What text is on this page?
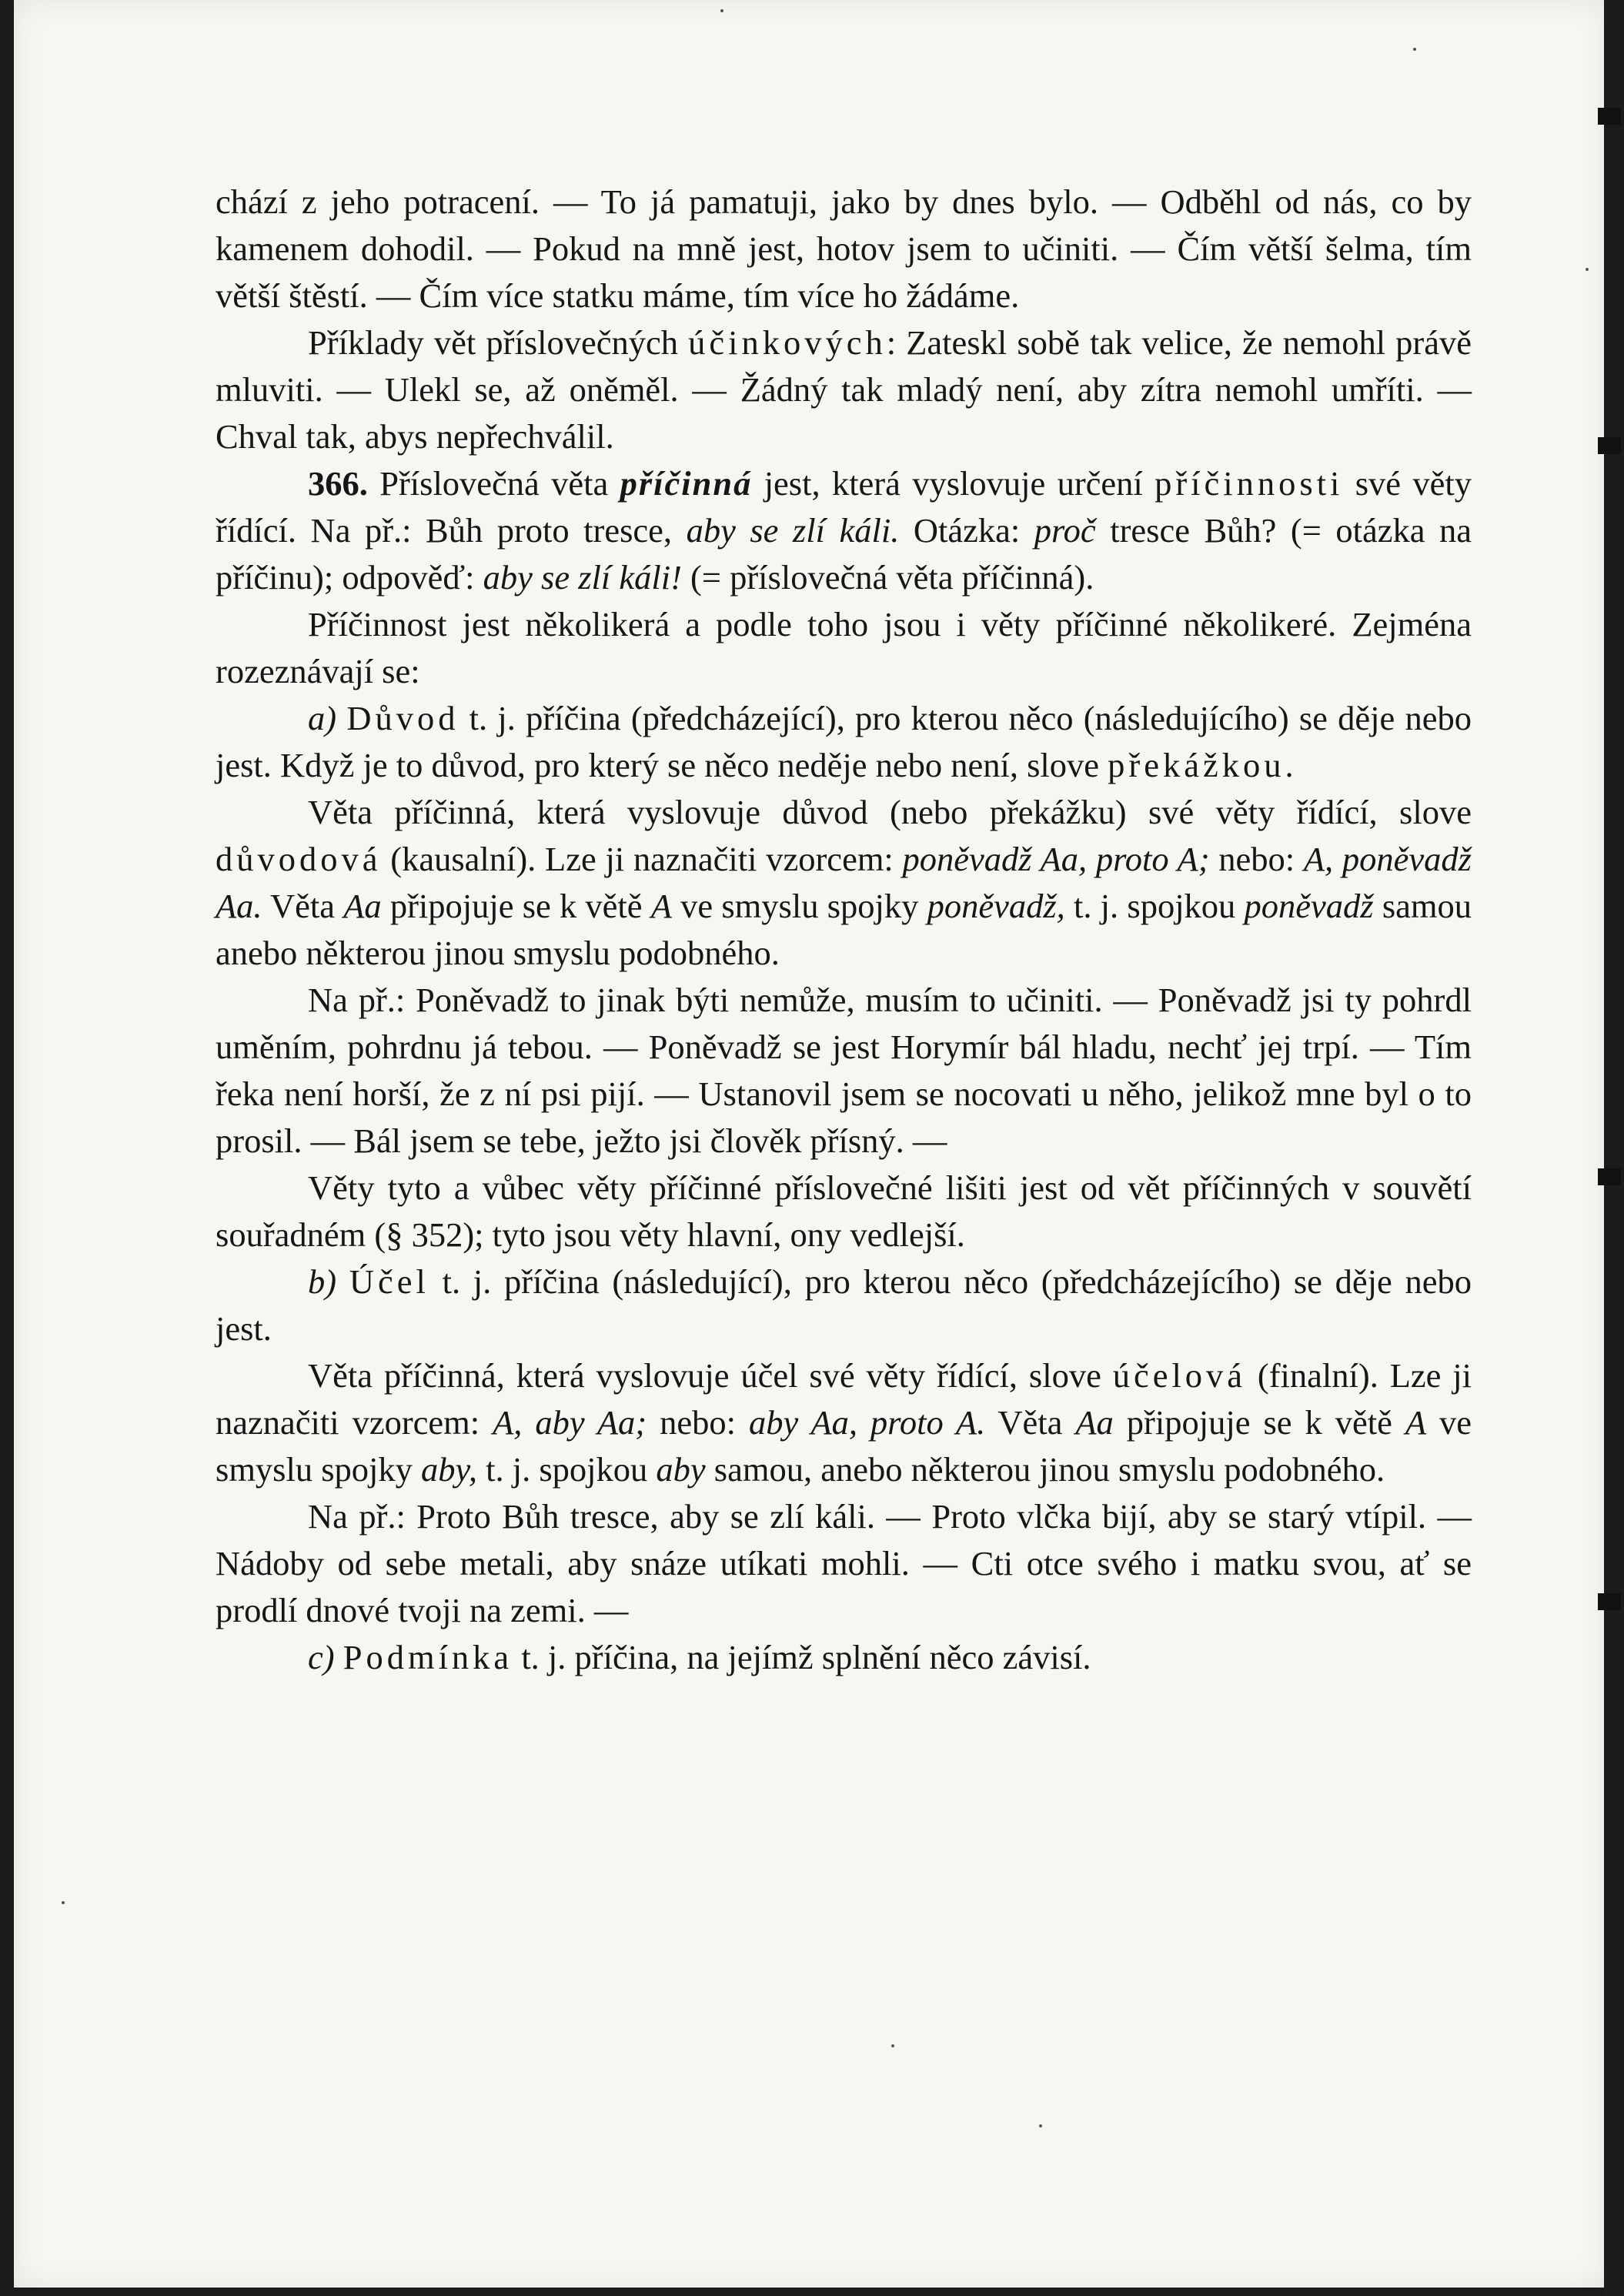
chází z jeho potracení. — To já pamatuji, jako by dnes bylo. — Odběhl od nás, co by kamenem dohodil. — Pokud na mně jest, hotov jsem to učiniti. — Čím větší šelma, tím větší štěstí. — Čím více statku máme, tím více ho žádáme.

Příklady vět příslovečných účinkových: Zateskl sobě tak velice, že nemohl právě mluviti. — Ulekl se, až oněměl. — Žádný tak mladý není, aby zítra nemohl umříti. — Chval tak, abys nepřechválil.

366. Příslovečná věta příčinná jest, která vyslovuje určení příčinnosti své věty řídící. Na př.: Bůh proto tresce, aby se zlí káli. Otázka: proč tresce Bůh? (= otázka na příčinu); odpověď: aby se zlí káli! (= příslovečná věta příčinná).

Příčinnost jest několikerá a podle toho jsou i věty příčinné několikeré. Zejména rozeznávají se:

a) Důvod t. j. příčina (předcházející), pro kterou něco (následujícího) se děje nebo jest. Když je to důvod, pro který se něco neděje nebo není, slove překážkou.

Věta příčinná, která vyslovuje důvod (nebo překážku) své věty řídící, slove důvodová (kausalní). Lze ji naznačiti vzorcem: poněvadž Aa, proto A; nebo: A, poněvadž Aa. Věta Aa připojuje se k větě A ve smyslu spojky poněvadž, t. j. spojkou poněvadž samou anebo některou jinou smyslu podobného.

Na př.: Poněvadž to jinak býti nemůže, musím to učiniti. — Poněvadž jsi ty pohrdl uměním, pohrdnu já tebou. — Poněvadž se jest Horymír bál hladu, nechť jej trpí. — Tím řeka není horší, že z ní psi pijí. — Ustanovil jsem se nocovati u něho, jelikož mne byl o to prosil. — Bál jsem se tebe, ježto jsi člověk přísný. —

Věty tyto a vůbec věty příčinné příslovečné lišiti jest od vět příčinných v souvětí souřadném (§ 352); tyto jsou věty hlavní, ony vedlejší.

b) Účel t. j. příčina (následující), pro kterou něco (předcházejícího) se děje nebo jest.

Věta příčinná, která vyslovuje účel své věty řídící, slove účelová (finalní). Lze ji naznačiti vzorcem: A, aby Aa; nebo: aby Aa, proto A. Věta Aa připojuje se k větě A ve smyslu spojky aby, t. j. spojkou aby samou, anebo některou jinou smyslu podobného.

Na př.: Proto Bůh tresce, aby se zlí káli. — Proto vlčka bijí, aby se starý vtípil. — Nádoby od sebe metali, aby snáze utíkati mohli. — Cti otce svého i matku svou, ať se prodlí dnové tvoji na zemi. —

c) Podmínka t. j. příčina, na jejímž splnění něco závisí.
